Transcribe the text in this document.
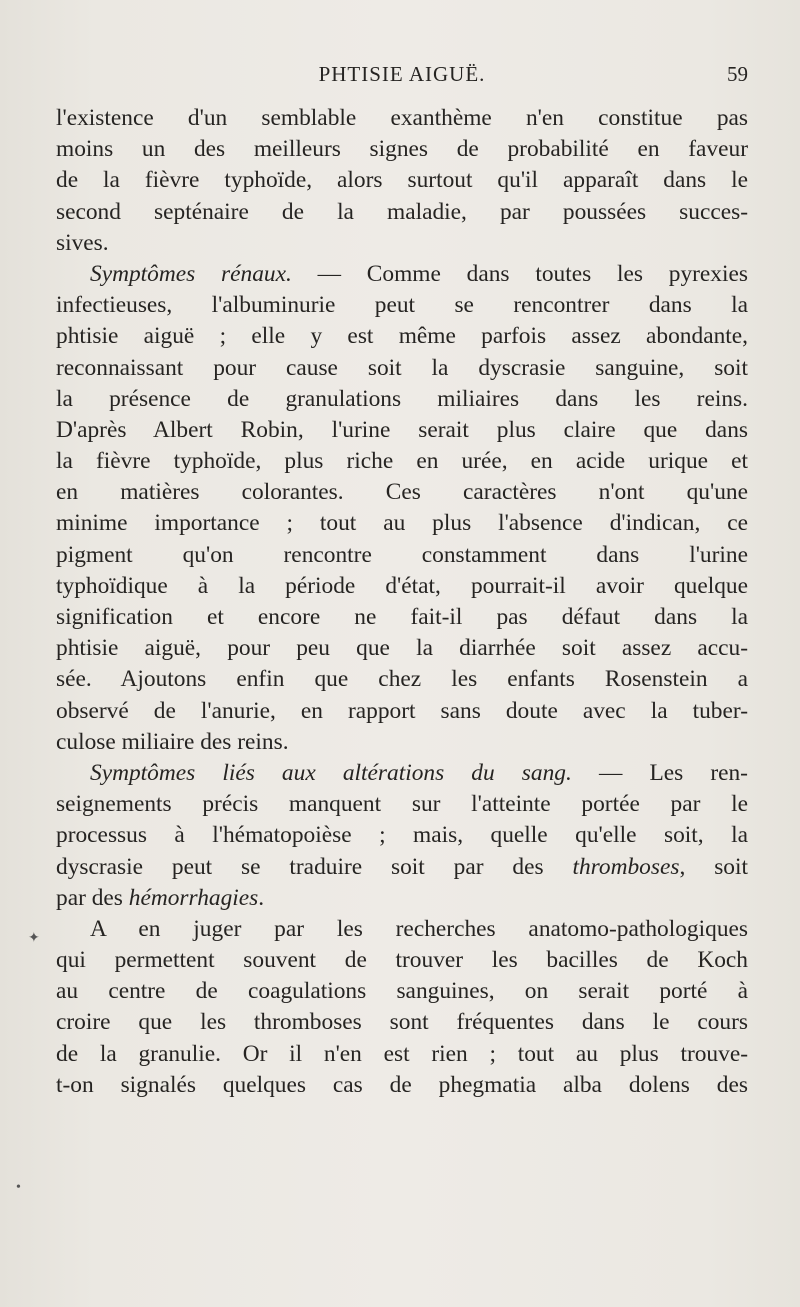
PHTISIE AIGUË.	59
l'existence d'un semblable exanthème n'en constitue pas
moins un des meilleurs signes de probabilité en faveur
de la fièvre typhoïde, alors surtout qu'il apparaît dans le
second septénaire de la maladie, par poussées succes-
sives.
Symptômes rénaux. — Comme dans toutes les pyrexies
infectieuses, l'albuminurie peut se rencontrer dans la
phtisie aiguë ; elle y est même parfois assez abondante,
reconnaissant pour cause soit la dyscrasie sanguine, soit
la présence de granulations miliaires dans les reins.
D'après Albert Robin, l'urine serait plus claire que dans
la fièvre typhoïde, plus riche en urée, en acide urique et
en matières colorantes. Ces caractères n'ont qu'une
minime importance ; tout au plus l'absence d'indican, ce
pigment qu'on rencontre constamment dans l'urine
typhoïdique à la période d'état, pourrait-il avoir quelque
signification et encore ne fait-il pas défaut dans la
phtisie aiguë, pour peu que la diarrhée soit assez accu-
sée. Ajoutons enfin que chez les enfants Rosenstein a
observé de l'anurie, en rapport sans doute avec la tuber-
culose miliaire des reins.
Symptômes liés aux altérations du sang. — Les ren-
seignements précis manquent sur l'atteinte portée par le
processus à l'hématopoièse ; mais, quelle qu'elle soit, la
dyscrasie peut se traduire soit par des thromboses, soit
par des hémorrhagies.
A en juger par les recherches anatomo-pathologiques
qui permettent souvent de trouver les bacilles de Koch
au centre de coagulations sanguines, on serait porté à
croire que les thromboses sont fréquentes dans le cours
de la granulie. Or il n'en est rien ; tout au plus trouve-
t-on signalés quelques cas de phegmatia alba dolens des
✦
•
